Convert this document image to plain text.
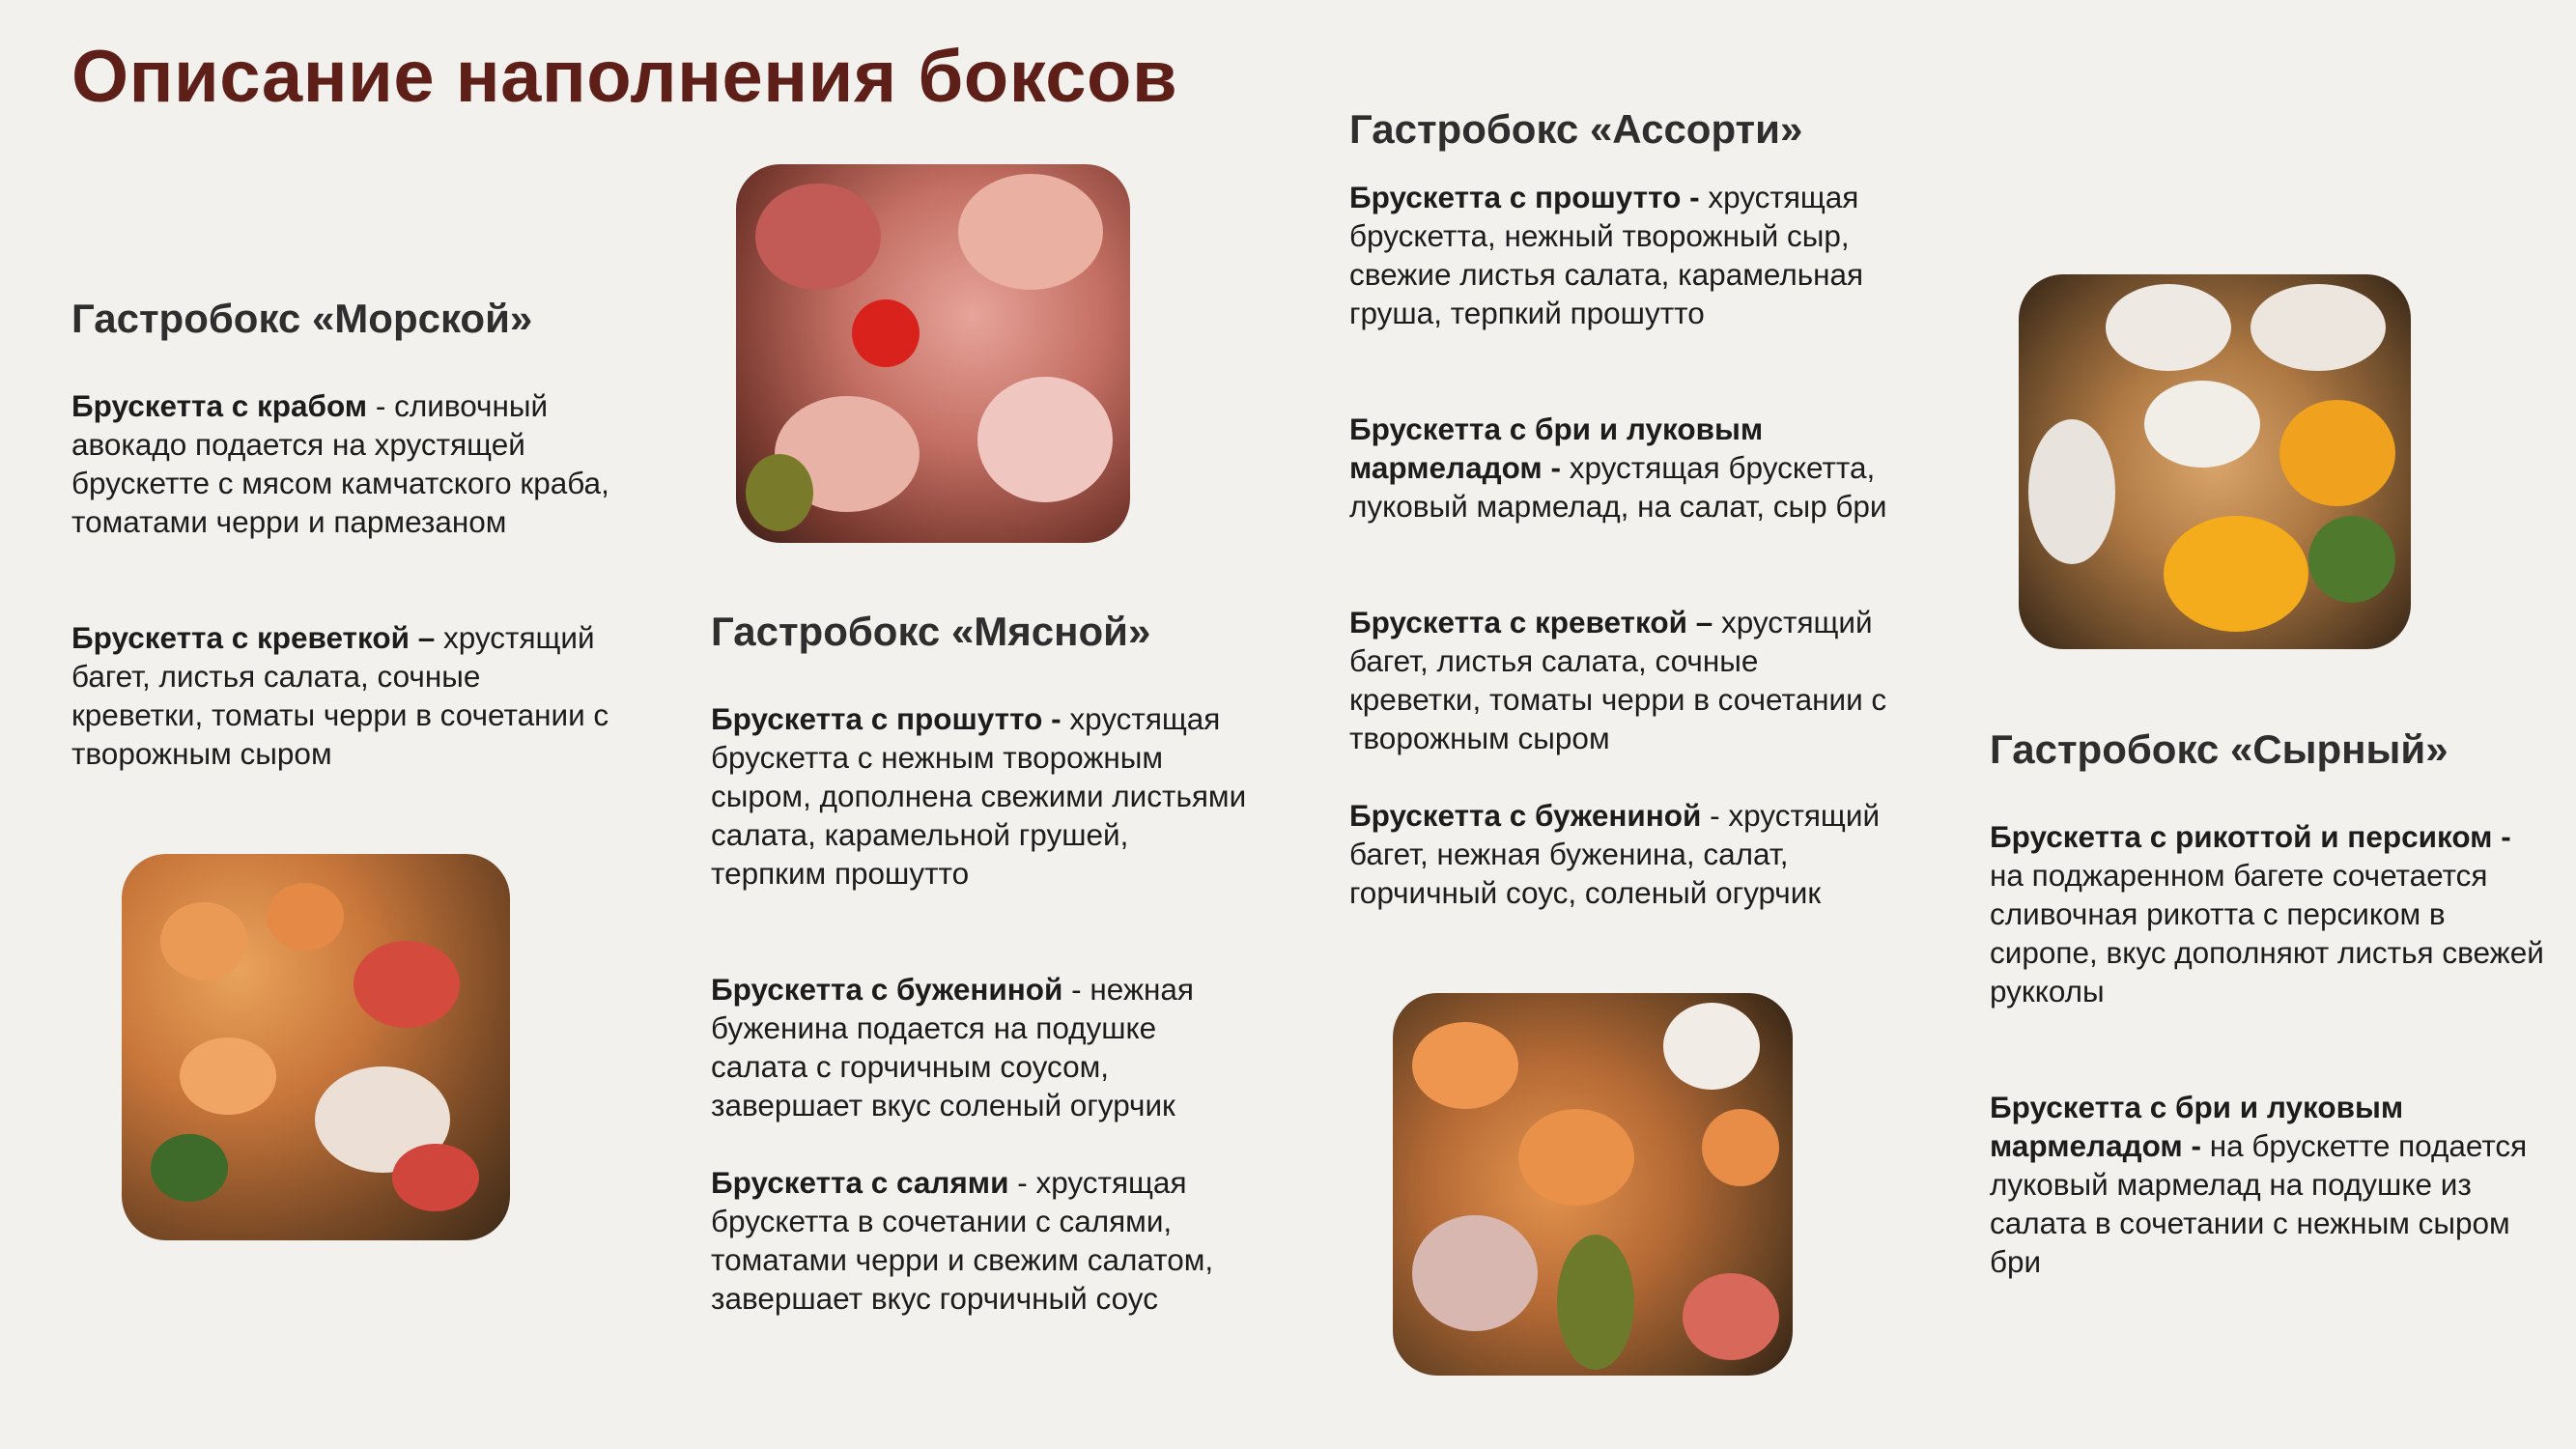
Описание наполнения боксов
Гастробокс «Морской»

Брускетта с крабом - сливочный авокадо подается на хрустящей брускетте с мясом камчатского краба, томатами черри и пармезаном

Брускетта с креветкой – хрустящий багет, листья салата, сочные креветки, томаты черри в сочетании с творожным сыром

Гастробокс «Мясной»

Брускетта с прошутто - хрустящая брускетта с нежным творожным сыром, дополнена свежими листьями салата, карамельной грушей, терпким прошутто

Брускетта с бужениной - нежная буженина подается на подушке салата с горчичным соусом, завершает вкус соленый огурчик

Брускетта с салями - хрустящая брускетта в сочетании с салями, томатами черри и свежим салатом, завершает вкус горчичный соус

Гастробокс «Ассорти»

Брускетта с прошутто - хрустящая брускетта, нежный творожный сыр, свежие листья салата, карамельная груша, терпкий прошутто

Брускетта с бри и луковым мармеладом - хрустящая брускетта, луковый мармелад, на салат, сыр бри

Брускетта с креветкой – хрустящий багет, листья салата, сочные креветки, томаты черри в сочетании с творожным сыром

Брускетта с бужениной - хрустящий багет, нежная буженина, салат, горчичный соус, соленый огурчик

Гастробокс «Сырный»

Брускетта с рикоттой и персиком - на поджаренном багете сочетается сливочная рикотта с персиком в сиропе, вкус дополняют листья свежей рукколы

Брускетта с бри и луковым мармеладом - на брускетте подается луковый мармелад на подушке из салата в сочетании с нежным сыром бри
